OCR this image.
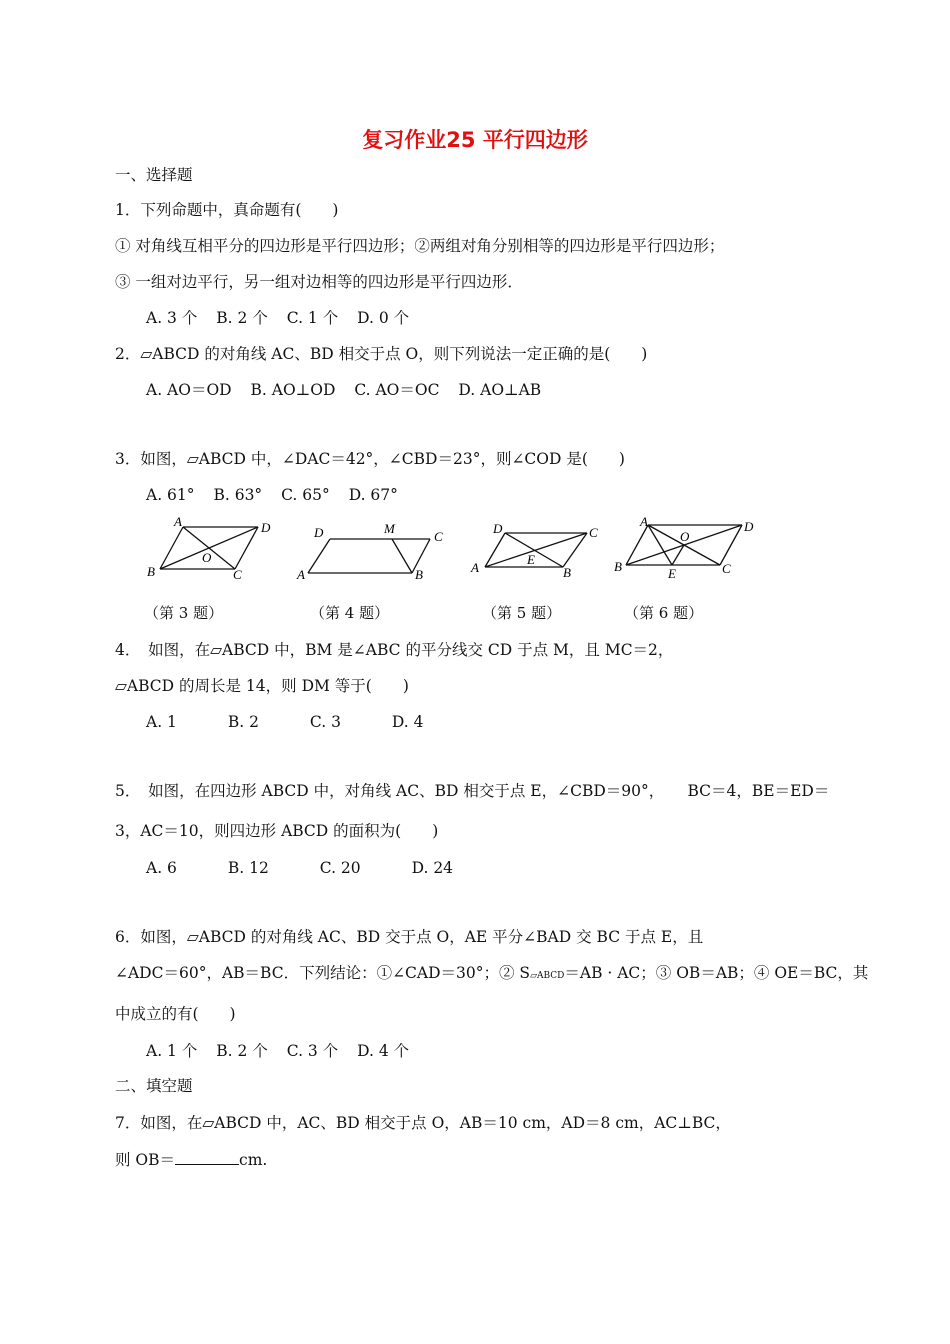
复习作业25 平行四边形
一、选择题
1．下列命题中，真命题有(　　)
① 对角线互相平分的四边形是平行四边形；②两组对角分别相等的四边形是平行四边形；
③ 一组对边平行，另一组对边相等的四边形是平行四边形．
A. 3 个 B. 2 个 C. 1 个 D. 0 个
2．▱ABCD 的对角线 AC、BD 相交于点 O，则下列说法一定正确的是(　　)
A. AO＝OD B. AO⊥OD C. AO＝OC D. AO⊥AB
3．如图，▱ABCD 中，∠DAC＝42°，∠CBD＝23°，则∠COD 是(　　)
A. 61° B. 63° C. 65° D. 67°
A	D
B	C
O
D	M
C
A	B
D	C
A	B
E
A	D
B	C
O
E
（第 3 题）	（第 4 题）	（第 5 题）	（第 6 题）
4．　如图，在▱ABCD 中，BM 是∠ABC 的平分线交 CD 于点 M，且 MC＝2，
▱ABCD 的周长是 14，则 DM 等于(　　)
A. 1	B. 2	C. 3	D. 4
5．　如图，在四边形 ABCD 中，对角线 AC、BD 相交于点 E，∠CBD＝90°，　　BC＝4，BE＝ED＝
3，AC＝10，则四边形 ABCD 的面积为(　　)
A. 6	B. 12	C. 20	D. 24
6．如图，▱ABCD 的对角线 AC、BD 交于点 O，AE 平分∠BAD 交 BC 于点 E，且
∠ADC＝60°，AB＝BC．下列结论：①∠CAD＝30°；② S▱ABCD＝AB · AC；③ OB＝AB；④ OE＝BC，其
中成立的有(　　)
A. 1 个 B. 2 个 C. 3 个 D. 4 个
二、填空题
7．如图，在▱ABCD 中，AC、BD 相交于点 O，AB＝10 cm，AD＝8 cm，AC⊥BC，
则 OB＝	cm.
